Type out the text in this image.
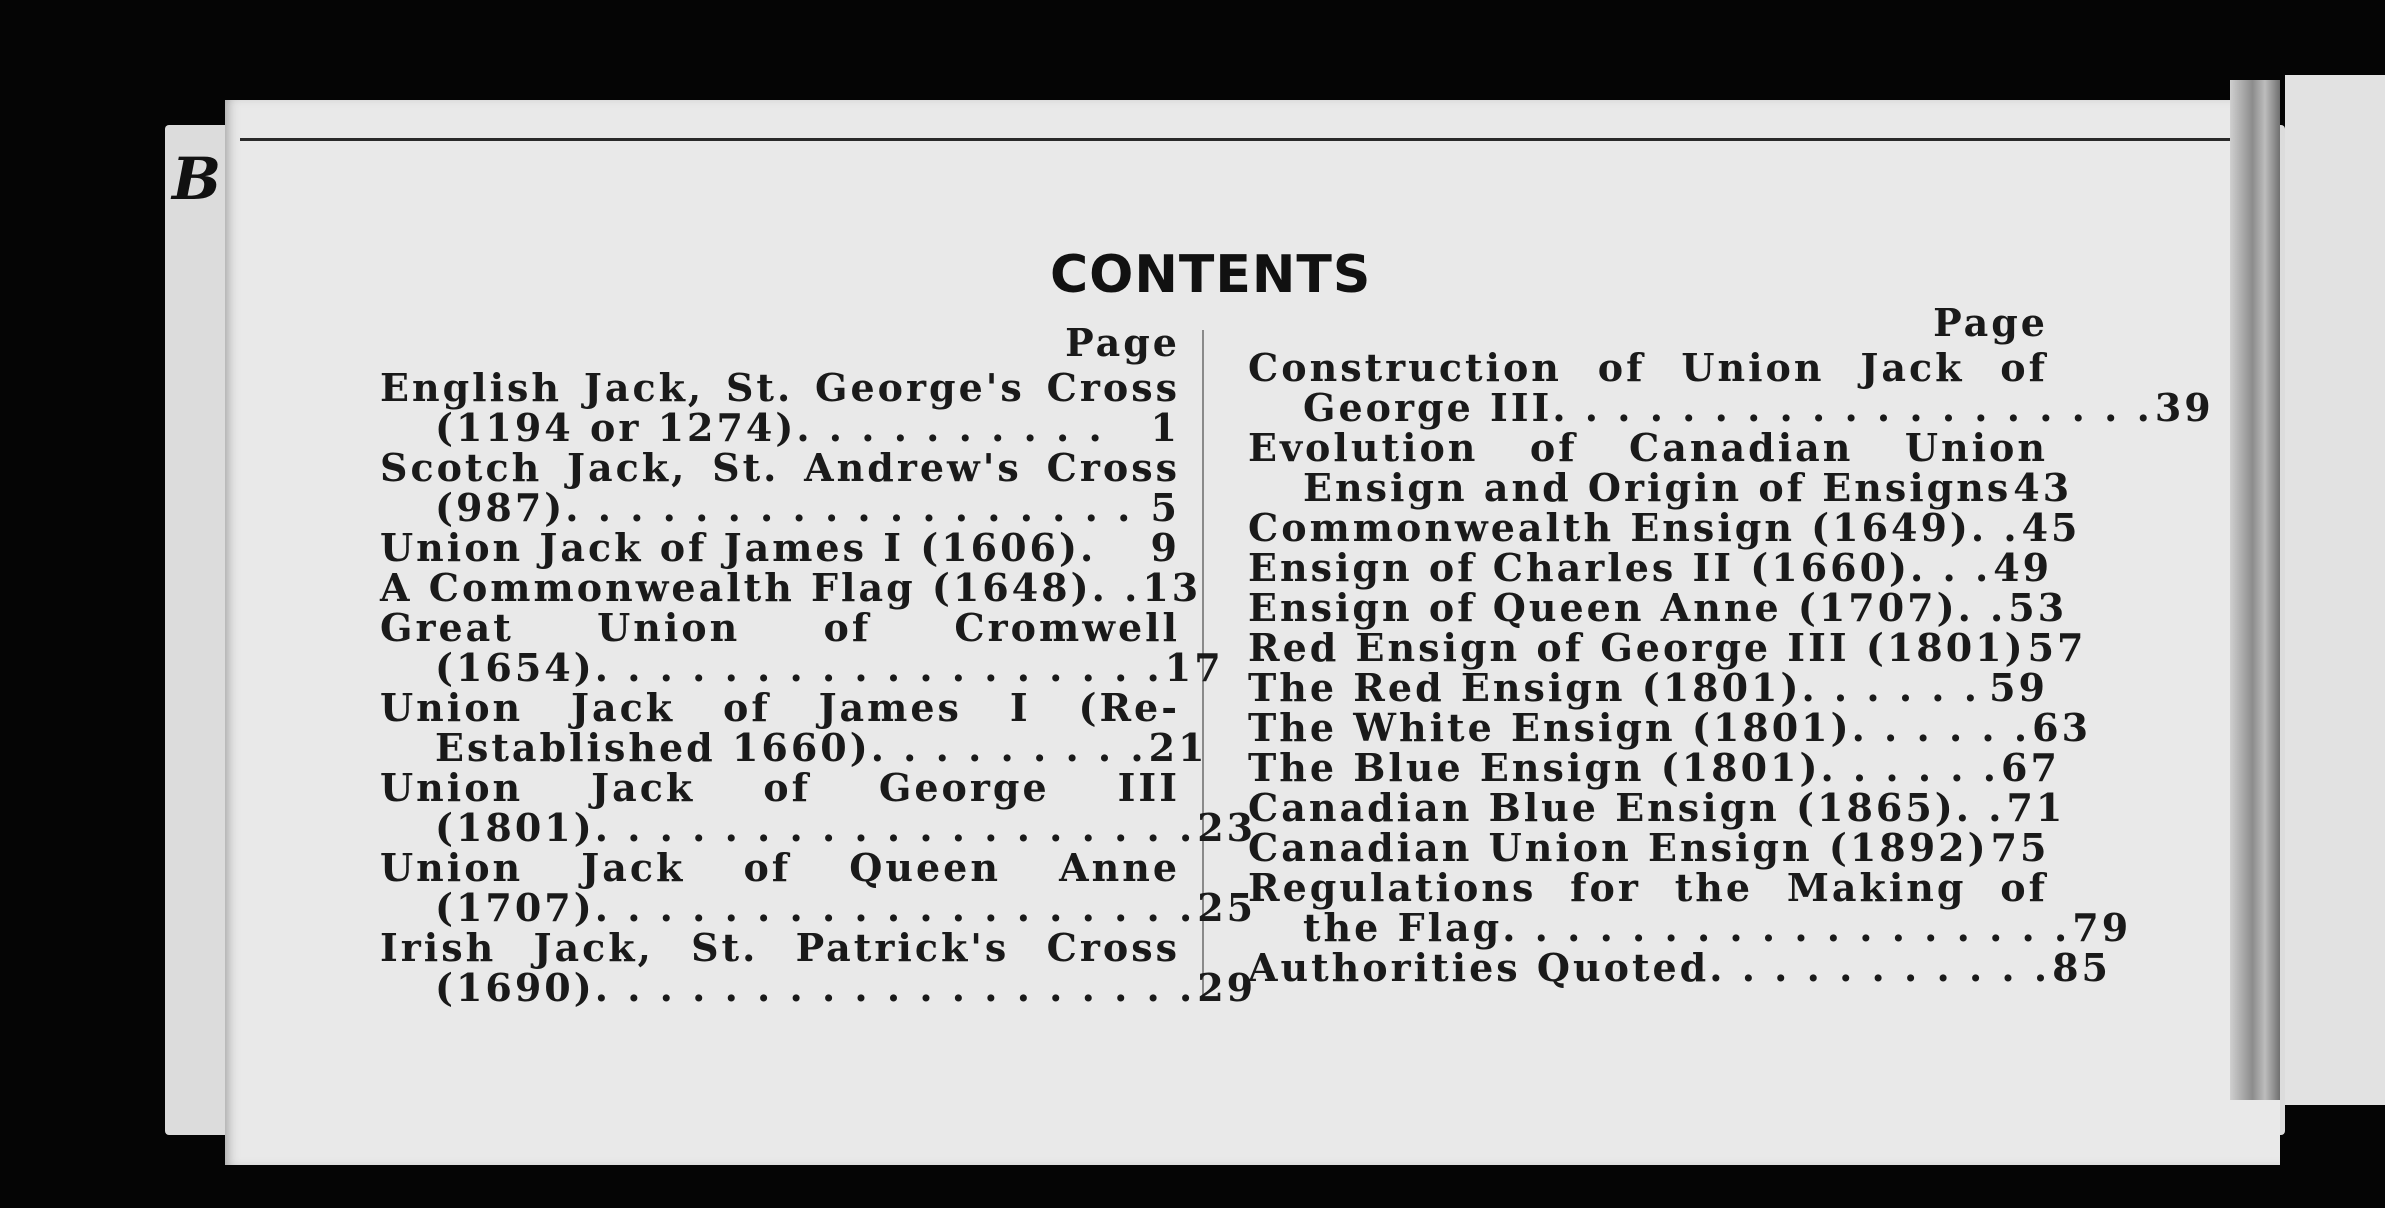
B
CONTENTS
Page
English Jack, St. George's Cross
(1194 or 1274) . . . . . . . . . .	1
Scotch Jack, St. Andrew's Cross
(987) . . . . . . . . . . . . . . . . . . 5
Union Jack of James I (1606) .	9
A Commonwealth Flag (1648) . . 13
Great Union of Cromwell
(1654) . . . . . . . . . . . . . . . . . . 17
Union Jack of James I (Re-
Established 1660) . . . . . . . . . 21
Union Jack of George III
(1801) . . . . . . . . . . . . . . . . . . . 23
Union Jack of Queen Anne
(1707) . . . . . . . . . . . . . . . . . . . 25
Irish Jack, St. Patrick's Cross
(1690) . . . . . . . . . . . . . . . . . . . 29
Page
Construction of Union Jack of
George III . . . . . . . . . . . . . . . . . . . 39
Evolution of Canadian Union
Ensign and Origin of Ensigns 43
Commonwealth Ensign (1649) . . 45
Ensign of Charles II (1660) . . . 49
Ensign of Queen Anne (1707) . . 53
Red Ensign of George III (1801) 57
The Red Ensign (1801) . . . . . . 59
The White Ensign (1801) . . . . . . 63
The Blue Ensign (1801) . . . . . . 67
Canadian Blue Ensign (1865) . . 71
Canadian Union Ensign (1892) 75
Regulations for the Making of
the Flag . . . . . . . . . . . . . . . . . . 79
Authorities Quoted . . . . . . . . . . . 85
